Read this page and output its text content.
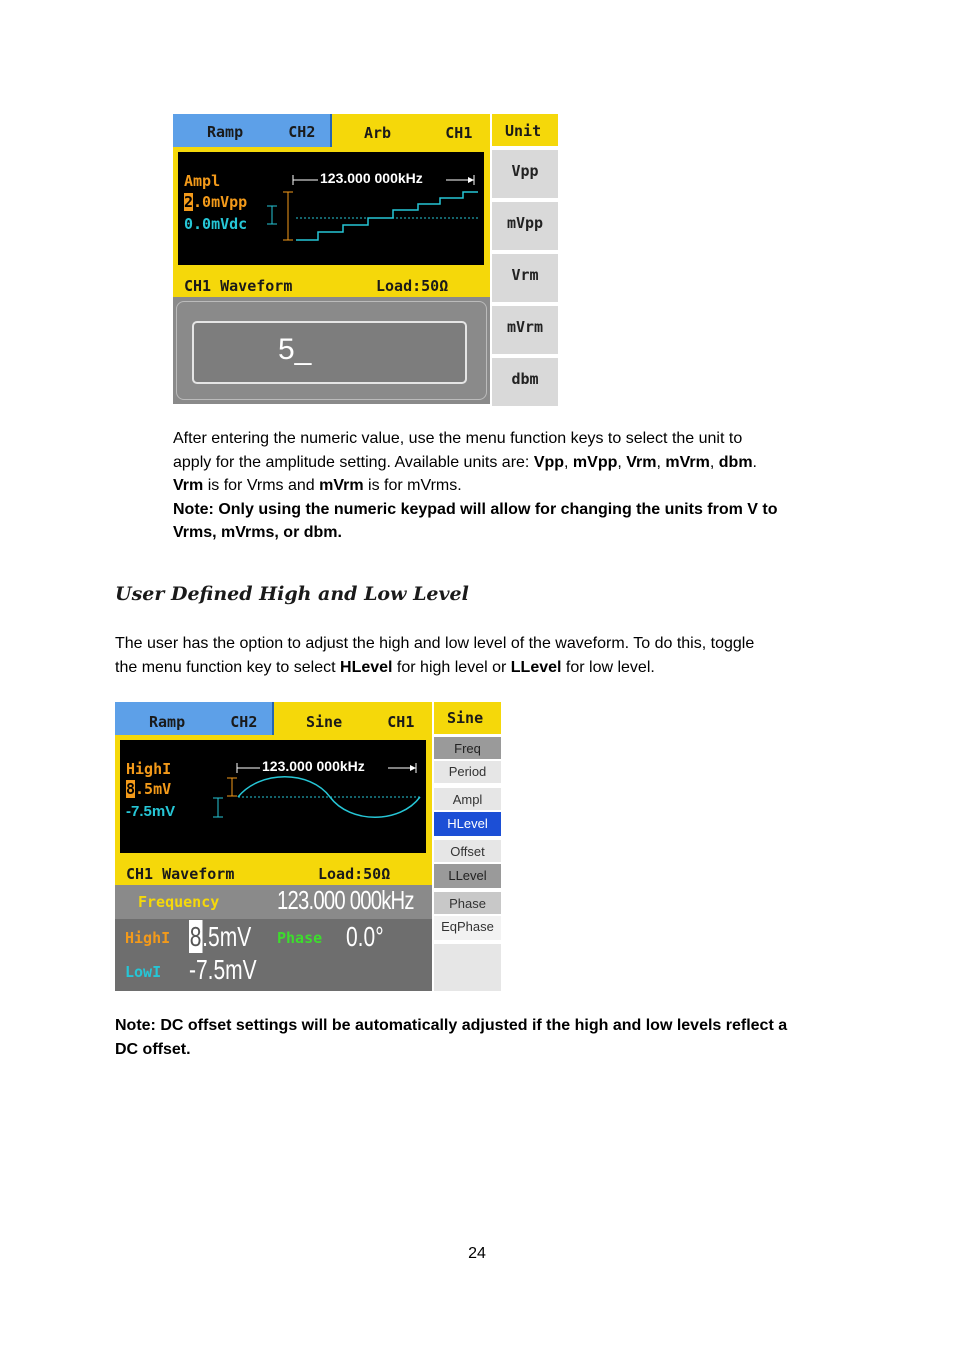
Ramp     CH2	Arb      CH1
Ampl
2.0mVpp
0.0mVdc
123.000 000kHz
CH1 Waveform	Load:50Ω
5_
Unit
Vpp
mVpp
Vrm
mVrm
dbm
After entering the numeric value, use the menu function keys to select the unit to
apply for the amplitude setting. Available units are: Vpp, mVpp, Vrm, mVrm, dbm.
Vrm is for Vrms and mVrm is for mVrms.
Note: Only using the numeric keypad will allow for changing the units from V to
Vrms, mVrms, or dbm.
User Defined High and Low Level
The user has the option to adjust the high and low level of the waveform. To do this, toggle
the menu function key to select HLevel for high level or LLevel for low level.
Ramp     CH2	Sine     CH1
HighI
8.5mV
-7.5mV
123.000 000kHz
CH1 Waveform	Load:50Ω
Frequency 123.000 000kHz
HighI 8.5mV Phase 0.0°
LowI -7.5mV
Sine
Freq
Period
Ampl
HLevel
Offset
LLevel
Phase
EqPhase
Note: DC offset settings will be automatically adjusted if the high and low levels reflect a
DC offset.
24
